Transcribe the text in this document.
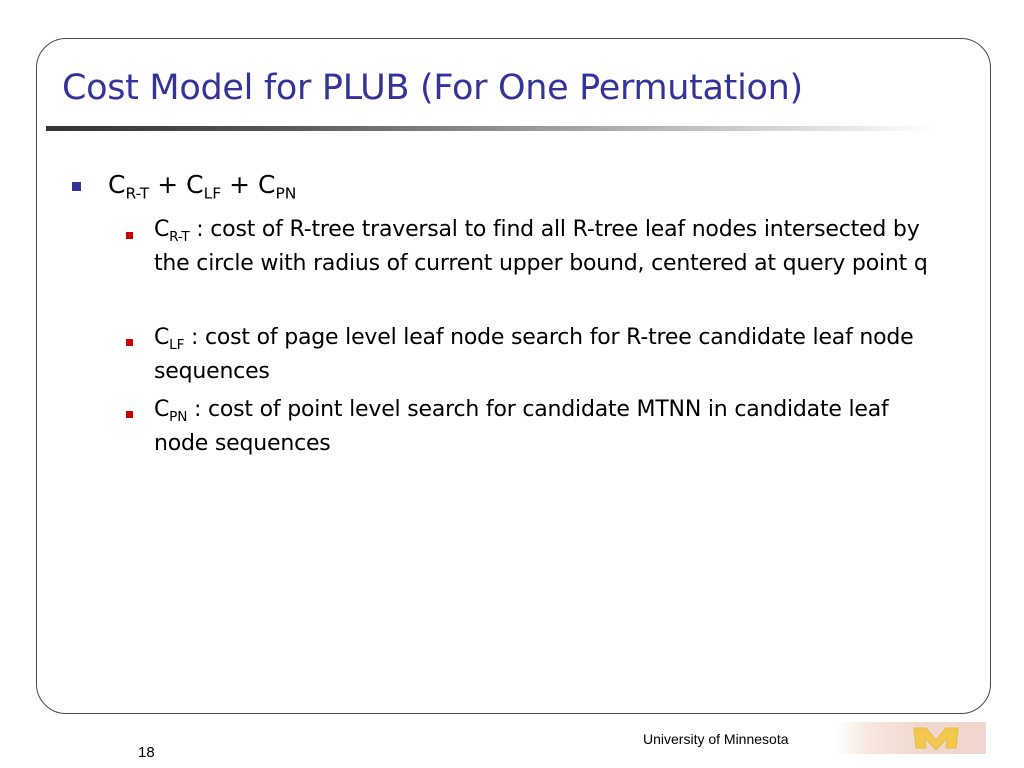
Cost Model for PLUB (For One Permutation)
$C_{R-T} + C_{LF} + C_{PN}$
$C_{R-T}$ : cost of R-tree traversal to find all R-tree leaf nodes intersected by the circle with radius of current upper bound, centered at query point q
$C_{LF}$ : cost of page level leaf node search for R-tree candidate leaf node sequences
$C_{PN}$ : cost of point level search for candidate MTNN in candidate leaf node sequences
University of Minnesota
18
